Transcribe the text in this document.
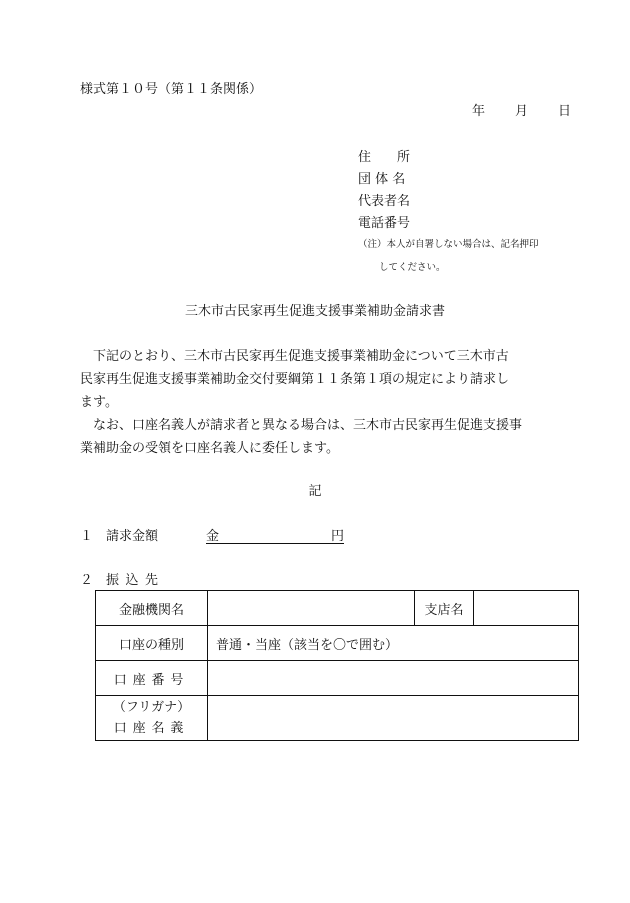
様式第１０号（第１１条関係）
年 月 日
住　　所
団 体 名
代表者名
電話番号
（注）本人が自署しない場合は、記名押印
してください。
三木市古民家再生促進支援事業補助金請求書
下記のとおり、三木市古民家再生促進支援事業補助金について三木市古
民家再生促進支援事業補助金交付要綱第１１条第１項の規定により請求し
ます。
なお、口座名義人が請求者と異なる場合は、三木市古民家再生促進支援事
業補助金の受領を口座名義人に委任します。
記
１ 請求金額	金	円
２ 振込先
金融機関名		支店名	
口座の種別	普通・当座（該当を〇で囲む）		
口座番号			

（フリガナ）
口座名義			
